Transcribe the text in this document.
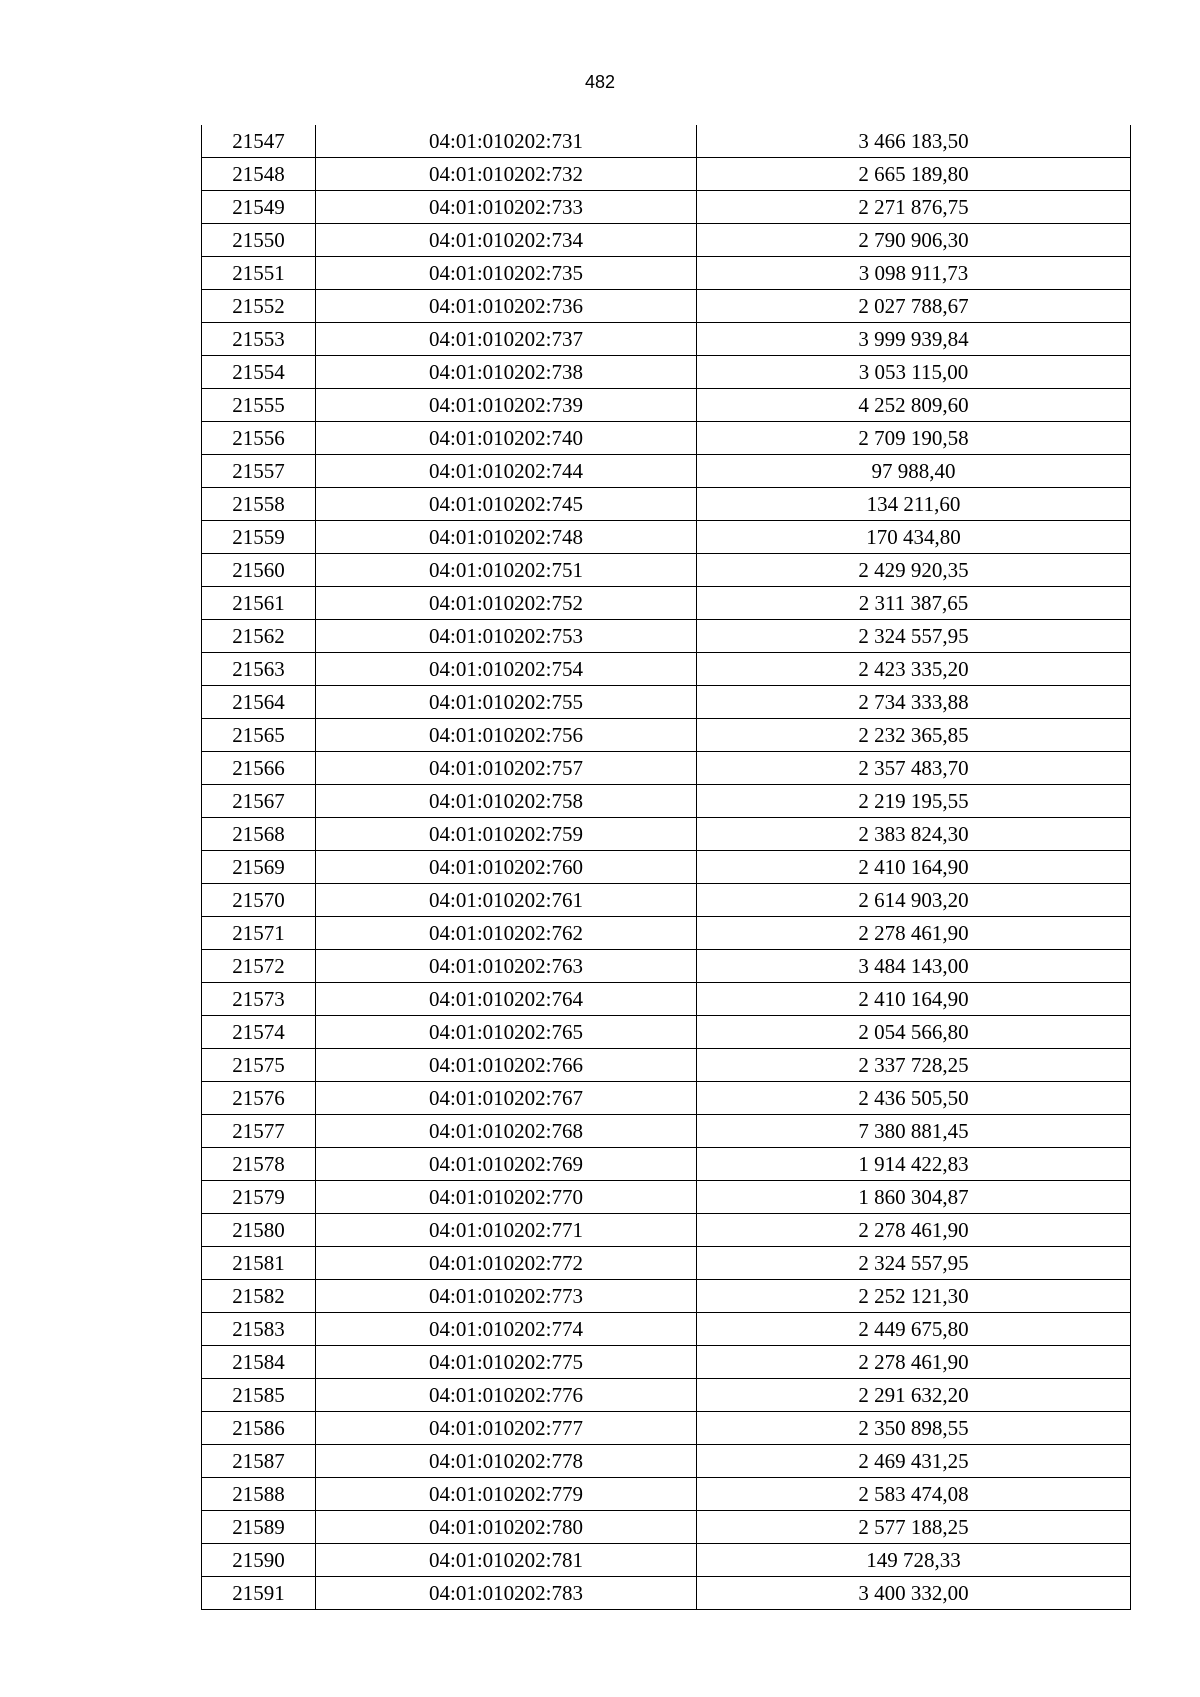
482
21547	04:01:010202:731	3 466 183,50
21548	04:01:010202:732	2 665 189,80
21549	04:01:010202:733	2 271 876,75
21550	04:01:010202:734	2 790 906,30
21551	04:01:010202:735	3 098 911,73
21552	04:01:010202:736	2 027 788,67
21553	04:01:010202:737	3 999 939,84
21554	04:01:010202:738	3 053 115,00
21555	04:01:010202:739	4 252 809,60
21556	04:01:010202:740	2 709 190,58
21557	04:01:010202:744	97 988,40
21558	04:01:010202:745	134 211,60
21559	04:01:010202:748	170 434,80
21560	04:01:010202:751	2 429 920,35
21561	04:01:010202:752	2 311 387,65
21562	04:01:010202:753	2 324 557,95
21563	04:01:010202:754	2 423 335,20
21564	04:01:010202:755	2 734 333,88
21565	04:01:010202:756	2 232 365,85
21566	04:01:010202:757	2 357 483,70
21567	04:01:010202:758	2 219 195,55
21568	04:01:010202:759	2 383 824,30
21569	04:01:010202:760	2 410 164,90
21570	04:01:010202:761	2 614 903,20
21571	04:01:010202:762	2 278 461,90
21572	04:01:010202:763	3 484 143,00
21573	04:01:010202:764	2 410 164,90
21574	04:01:010202:765	2 054 566,80
21575	04:01:010202:766	2 337 728,25
21576	04:01:010202:767	2 436 505,50
21577	04:01:010202:768	7 380 881,45
21578	04:01:010202:769	1 914 422,83
21579	04:01:010202:770	1 860 304,87
21580	04:01:010202:771	2 278 461,90
21581	04:01:010202:772	2 324 557,95
21582	04:01:010202:773	2 252 121,30
21583	04:01:010202:774	2 449 675,80
21584	04:01:010202:775	2 278 461,90
21585	04:01:010202:776	2 291 632,20
21586	04:01:010202:777	2 350 898,55
21587	04:01:010202:778	2 469 431,25
21588	04:01:010202:779	2 583 474,08
21589	04:01:010202:780	2 577 188,25
21590	04:01:010202:781	149 728,33
21591	04:01:010202:783	3 400 332,00
